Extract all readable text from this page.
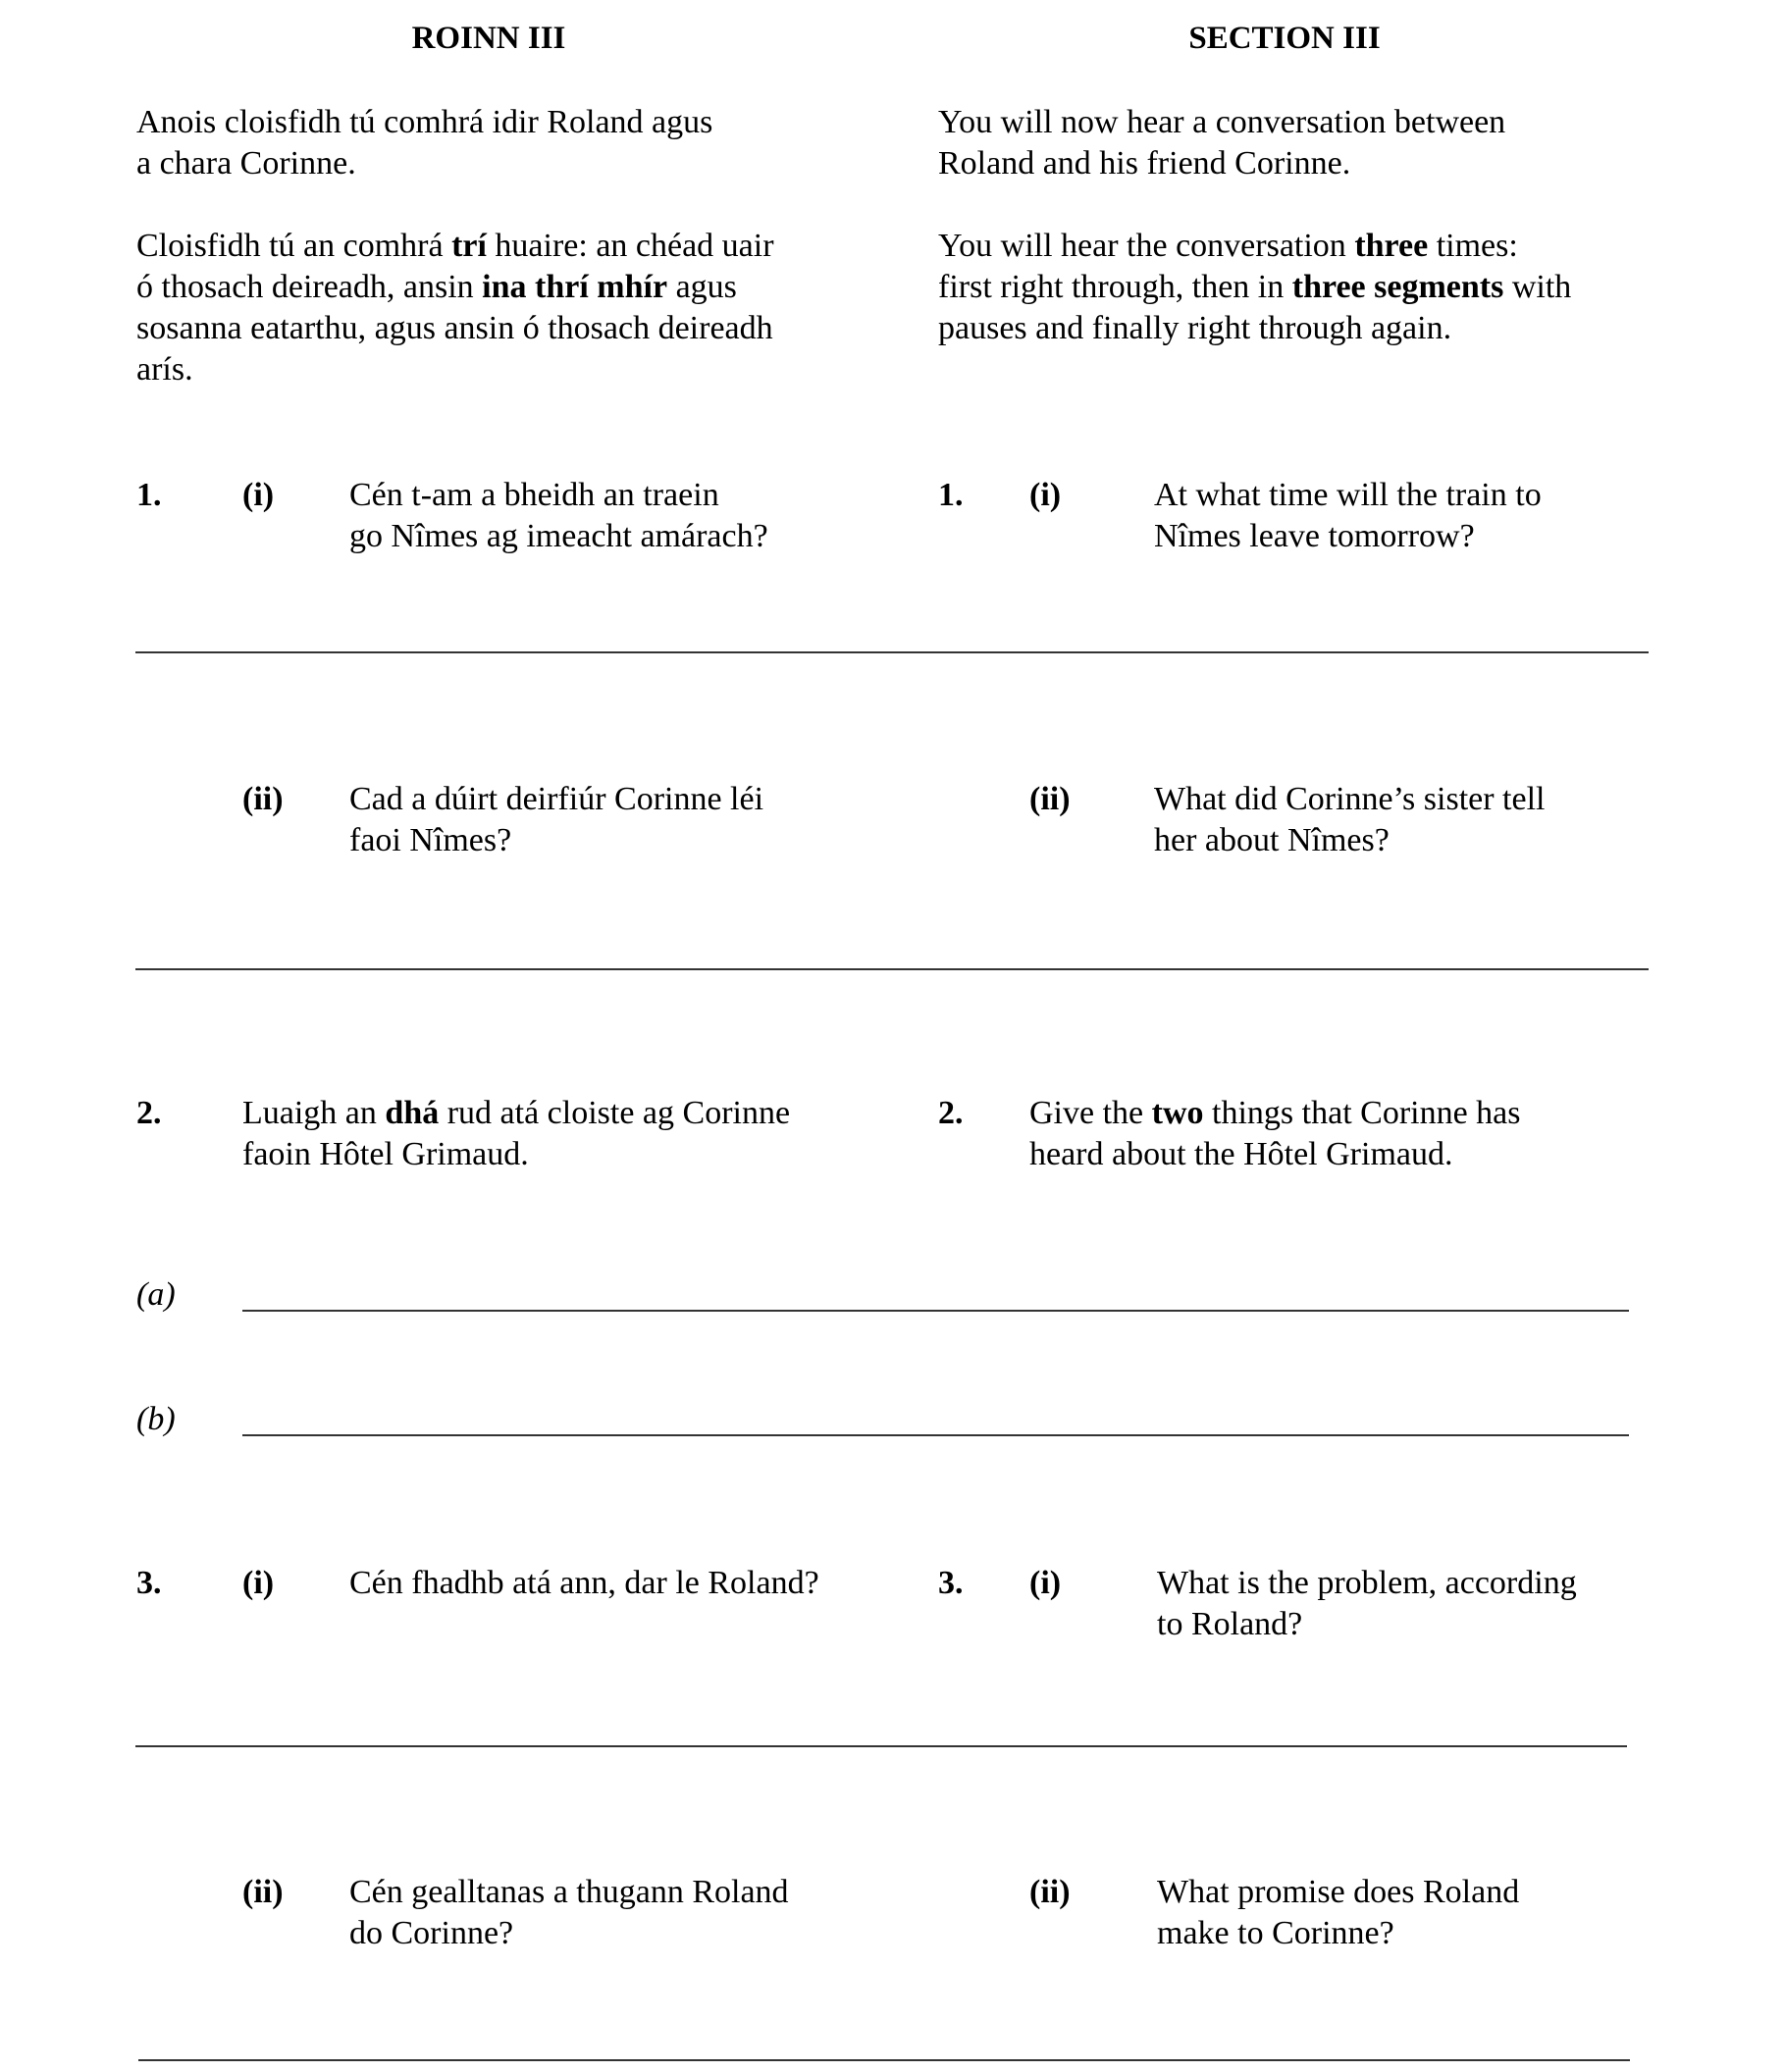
ROINN III	SECTION III
Anois cloisfidh tú comhrá idir Roland agus
a chara Corinne.
Cloisfidh tú an comhrá trí huaire: an chéad uair
ó thosach deireadh, ansin ina thrí mhír agus
sosanna eatarthu, agus ansin ó thosach deireadh
arís.
You will now hear a conversation between
Roland and his friend Corinne.
You will hear the conversation three times:
first right through, then in three segments with
pauses and finally right through again.
1. (i) Cén t-am a bheidh an traein
go Nîmes ag imeacht amárach?
1. (i)	At what time will the train to
Nîmes leave tomorrow?
(ii) Cad a dúirt deirfiúr Corinne léi
faoi Nîmes?
(ii)	What did Corinne’s sister tell
her about Nîmes?
2. Luaigh an dhá rud atá cloiste ag Corinne
faoin Hôtel Grimaud.
2. Give the two things that Corinne has
heard about the Hôtel Grimaud.
(a)
(b)
3. (i) Cén fhadhb atá ann, dar le Roland?	3. (i)	What is the problem, according
to Roland?
(ii) Cén gealltanas a thugann Roland
do Corinne?
(ii)	What promise does Roland
make to Corinne?
